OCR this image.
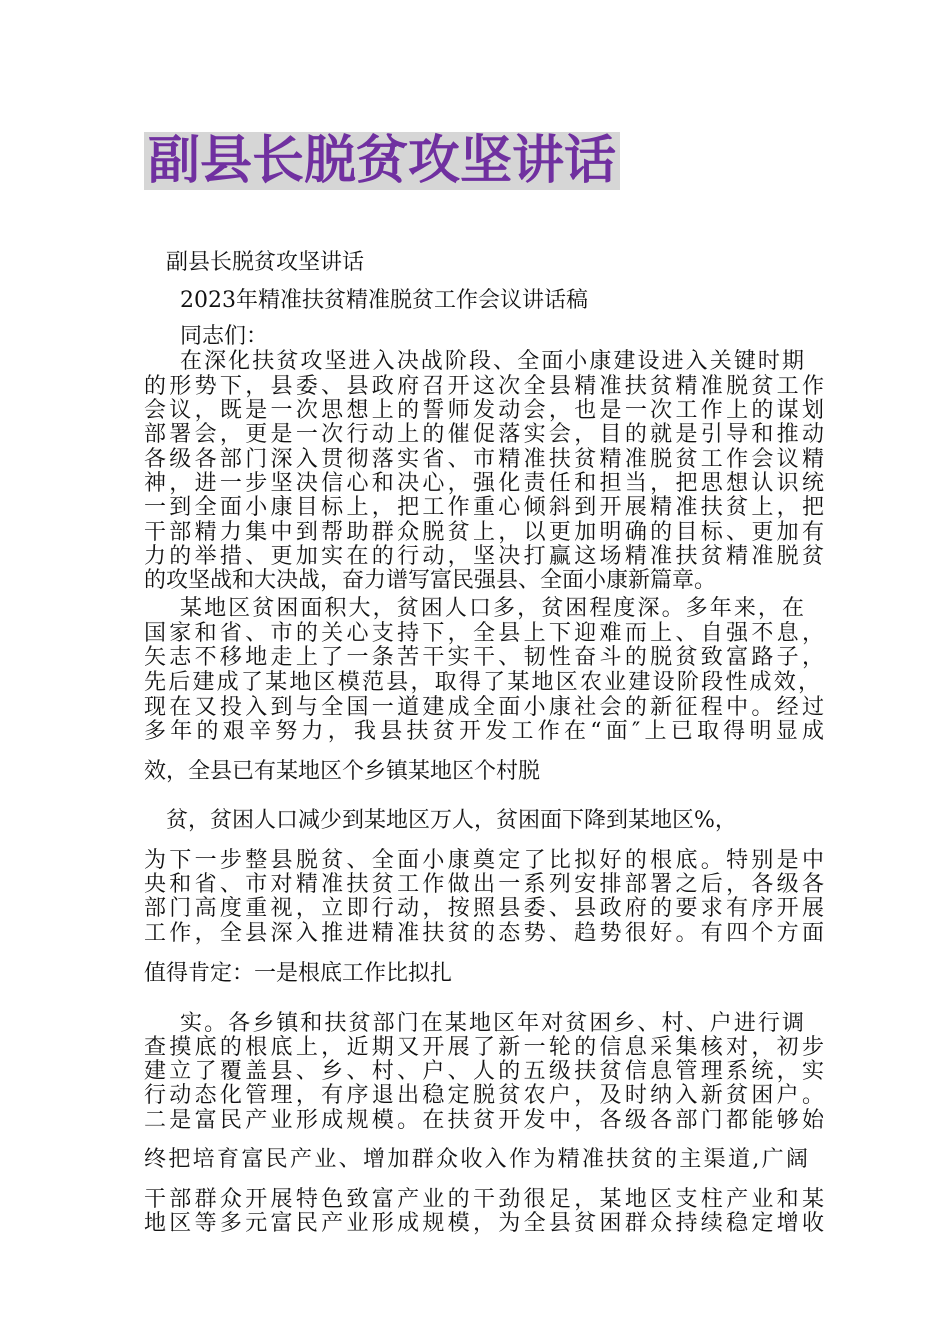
副县长脱贫攻坚讲话
副县长脱贫攻坚讲话
2023年精准扶贫精准脱贫工作会议讲话稿
同志们：
在深化扶贫攻坚进入决战阶段、全面小康建设进入关键时期
的形势下，县委、县政府召开这次全县精准扶贫精准脱贫工作
会议，既是一次思想上的誓师发动会，也是一次工作上的谋划
部署会，更是一次行动上的催促落实会，目的就是引导和推动
各级各部门深入贯彻落实省、市精准扶贫精准脱贫工作会议精
神，进一步坚决信心和决心，强化责任和担当，把思想认识统
一到全面小康目标上，把工作重心倾斜到开展精准扶贫上，把
干部精力集中到帮助群众脱贫上，以更加明确的目标、更加有
力的举措、更加实在的行动，坚决打赢这场精准扶贫精准脱贫
的攻坚战和大决战，奋力谱写富民强县、全面小康新篇章。
某地区贫困面积大，贫困人口多，贫困程度深。多年来，在
国家和省、市的关心支持下，全县上下迎难而上、自强不息，
矢志不移地走上了一条苦干实干、韧性奋斗的脱贫致富路子，
先后建成了某地区模范县，取得了某地区农业建设阶段性成效，
现在又投入到与全国一道建成全面小康社会的新征程中。经过
多年的艰辛努力，我县扶贫开发工作在“面″上已取得明显成
效，全县已有某地区个乡镇某地区个村脱
贫，贫困人口减少到某地区万人，贫困面下降到某地区%，
为下一步整县脱贫、全面小康奠定了比拟好的根底。特别是中
央和省、市对精准扶贫工作做出一系列安排部署之后，各级各
部门高度重视，立即行动，按照县委、县政府的要求有序开展
工作，全县深入推进精准扶贫的态势、趋势很好。有四个方面
值得肯定：一是根底工作比拟扎
实。各乡镇和扶贫部门在某地区年对贫困乡、村、户进行调
查摸底的根底上，近期又开展了新一轮的信息采集核对，初步
建立了覆盖县、乡、村、户、人的五级扶贫信息管理系统，实
行动态化管理，有序退出稳定脱贫农户，及时纳入新贫困户。
二是富民产业形成规模。在扶贫开发中，各级各部门都能够始
终把培育富民产业、增加群众收入作为精准扶贫的主渠道,广阔
干部群众开展特色致富产业的干劲很足，某地区支柱产业和某
地区等多元富民产业形成规模，为全县贫困群众持续稳定增收
